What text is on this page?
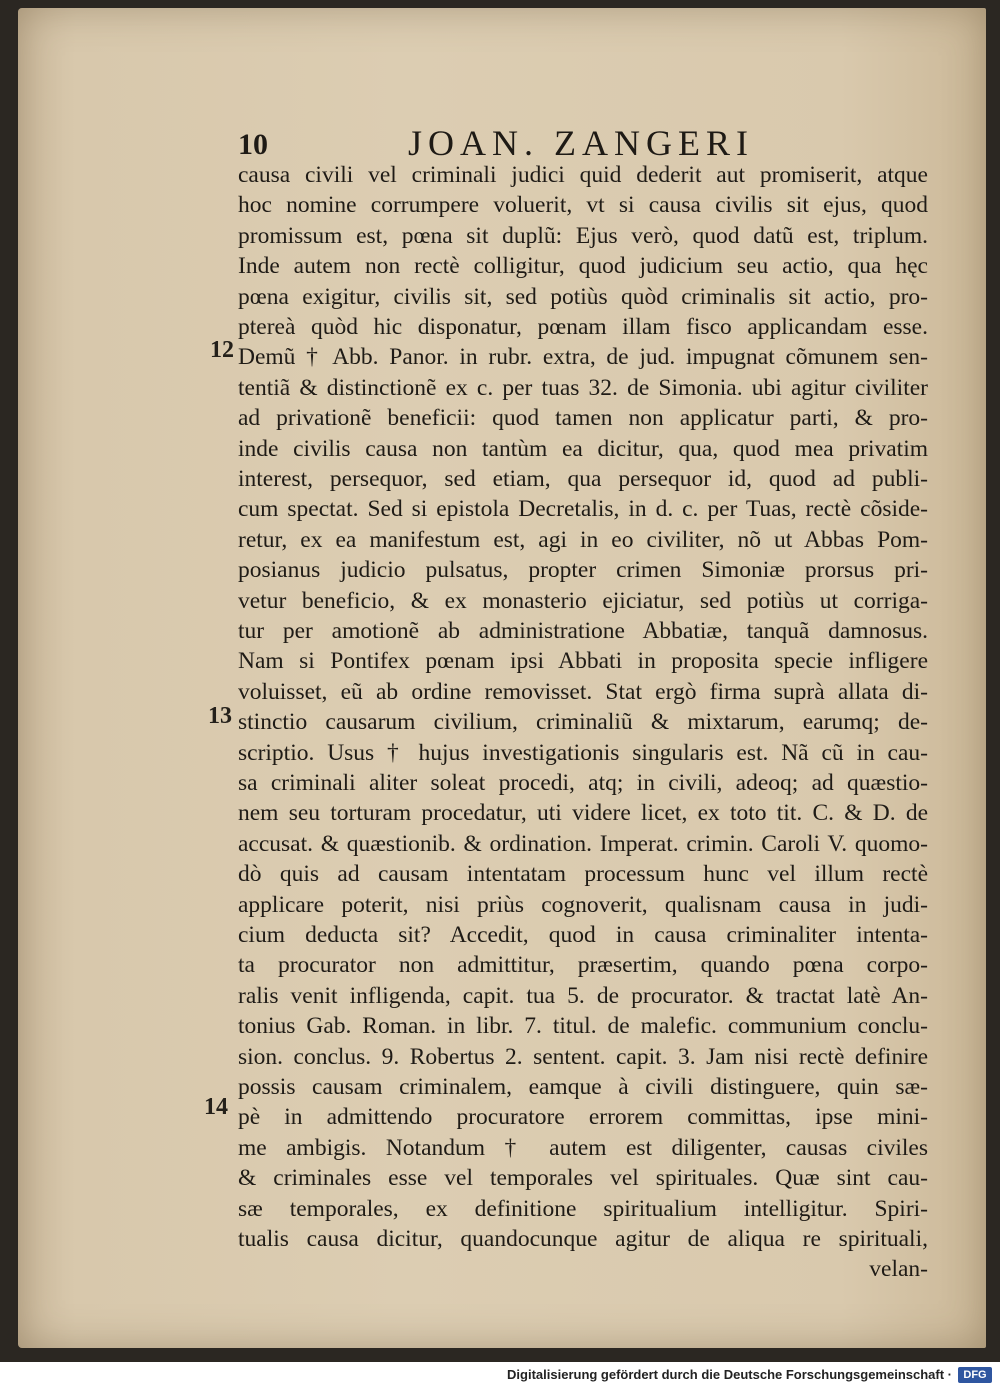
10	JOAN. ZANGERI
causa civili vel criminali judici quid dederit aut promiserit, atque
hoc nomine corrumpere voluerit, vt si causa civilis sit ejus, quod
promissum est, pœna sit duplũ: Ejus verò, quod datũ est, triplum.
Inde autem non rectè colligitur, quod judicium seu actio, qua hęc
pœna exigitur, civilis sit, sed potiùs quòd criminalis sit actio, pro-
ptereà quòd hic disponatur, pœnam illam fisco applicandam esse.
Demũ † Abb. Panor. in rubr. extra, de jud. impugnat cõmunem sen-
tentiã & distinctionẽ ex c. per tuas 32. de Simonia. ubi agitur civiliter
ad privationẽ beneficii: quod tamen non applicatur parti, & pro-
inde civilis causa non tantùm ea dicitur, qua, quod mea privatim
interest, persequor, sed etiam, qua persequor id, quod ad publi-
cum spectat. Sed si epistola Decretalis, in d. c. per Tuas, rectè cõside-
retur, ex ea manifestum est, agi in eo civiliter, nõ ut Abbas Pom-
posianus judicio pulsatus, propter crimen Simoniæ prorsus pri-
vetur beneficio, & ex monasterio ejiciatur, sed potiùs ut corriga-
tur per amotionẽ ab administratione Abbatiæ, tanquã damnosus.
Nam si Pontifex pœnam ipsi Abbati in proposita specie infligere
voluisset, eũ ab ordine removisset. Stat ergò firma suprà allata di-
stinctio causarum civilium, criminaliũ & mixtarum, earumq; de-
scriptio. Usus † hujus investigationis singularis est. Nã cũ in cau-
sa criminali aliter soleat procedi, atq; in civili, adeoq; ad quæstio-
nem seu torturam procedatur, uti videre licet, ex toto tit. C. & D. de
accusat. & quæstionib. & ordination. Imperat. crimin. Caroli V. quomo-
dò quis ad causam intentatam processum hunc vel illum rectè
applicare poterit, nisi priùs cognoverit, qualisnam causa in judi-
cium deducta sit? Accedit, quod in causa criminaliter intenta-
ta procurator non admittitur, præsertim, quando pœna corpo-
ralis venit infligenda, capit. tua 5. de procurator. & tractat latè An-
tonius Gab. Roman. in libr. 7. titul. de malefic. communium conclu-
sion. conclus. 9. Robertus 2. sentent. capit. 3. Jam nisi rectè definire
possis causam criminalem, eamque à civili distinguere, quin sæ-
pè in admittendo procuratore errorem committas, ipse mini-
me ambigis. Notandum † autem est diligenter, causas civiles
& criminales esse vel temporales vel spirituales. Quæ sint cau-
sæ temporales, ex definitione spiritualium intelligitur. Spiri-
tualis causa dicitur, quandocunque agitur de aliqua re spirituali,
velan-
12
13
14
Digitalisierung gefördert durch die Deutsche Forschungsgemeinschaft ·	DFG
